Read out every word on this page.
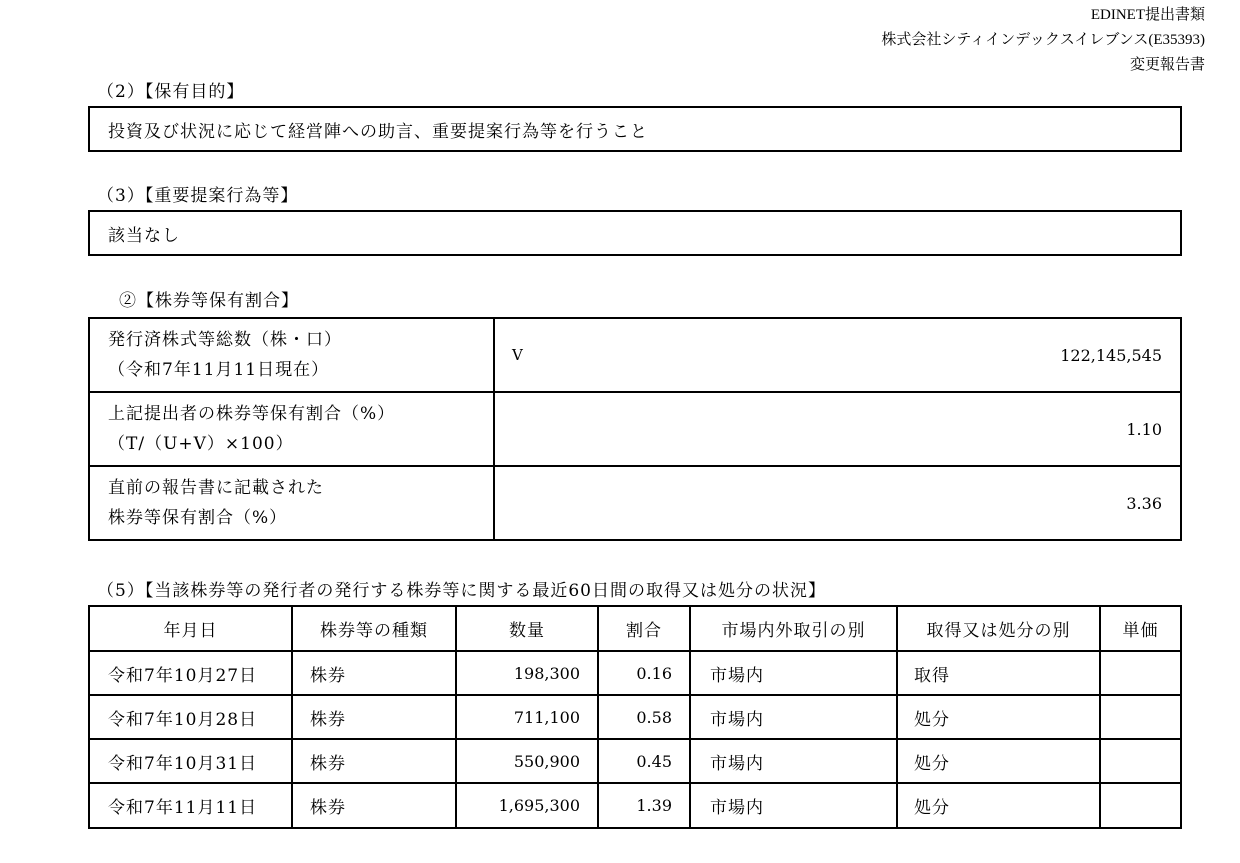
EDINET提出書類
株式会社シティインデックスイレブンス(E35393)
変更報告書
（2）【保有目的】
投資及び状況に応じて経営陣への助言、重要提案行為等を行うこと
（3）【重要提案行為等】
該当なし
②【株券等保有割合】
発行済株式等総数（株・口）
（令和7年11月11日現在）
V	122,145,545
上記提出者の株券等保有割合（%）
（T/（U+V）×100）
1.10
直前の報告書に記載された
株券等保有割合（%）
3.36
（5）【当該株券等の発行者の発行する株券等に関する最近60日間の取得又は処分の状況】
年月日	株券等の種類	数量	割合	市場内外取引の別	取得又は処分の別	単価
令和7年10月27日	株券	198,300	0.16	市場内	取得
令和7年10月28日	株券	711,100	0.58	市場内	処分
令和7年10月31日	株券	550,900	0.45	市場内	処分
令和7年11月11日	株券	1,695,300	1.39	市場内	処分
